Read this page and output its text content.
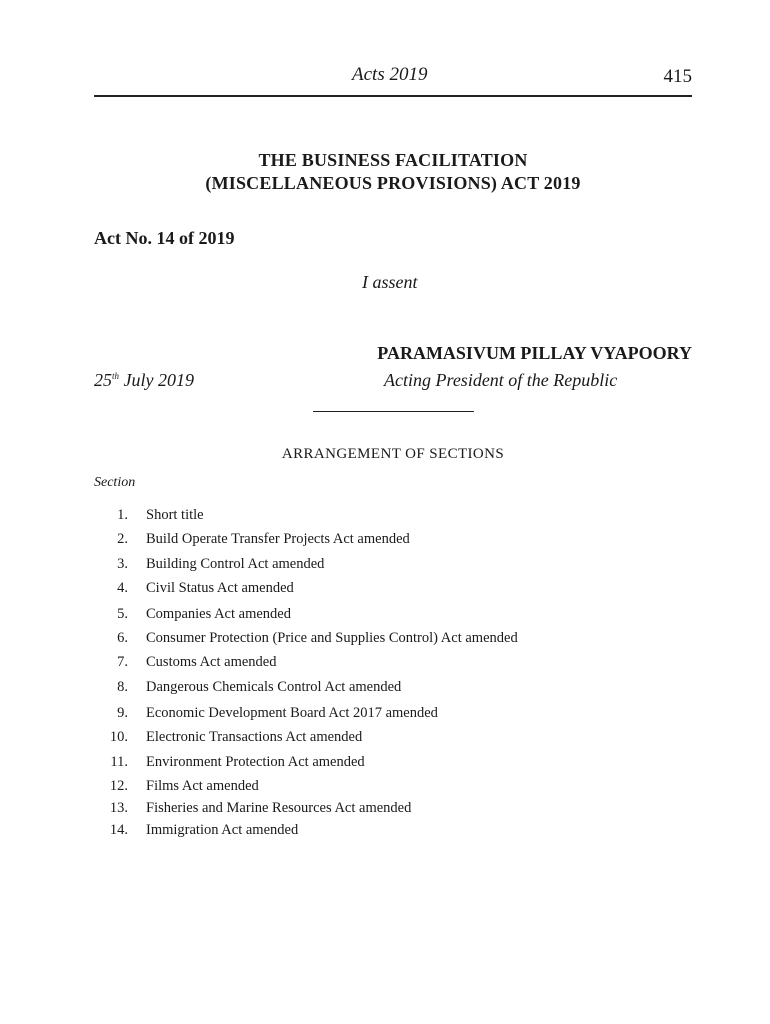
Acts 2019	415
THE BUSINESS FACILITATION
(MISCELLANEOUS PROVISIONS) ACT 2019
Act No. 14 of 2019
I assent
PARAMASIVUM PILLAY VYAPOORY
25th July 2019	Acting President of the Republic
ARRANGEMENT OF SECTIONS
Section
1. Short title
2. Build Operate Transfer Projects Act amended
3. Building Control Act amended
4. Civil Status Act amended
5. Companies Act amended
6. Consumer Protection (Price and Supplies Control) Act amended
7. Customs Act amended
8. Dangerous Chemicals Control Act amended
9. Economic Development Board Act 2017 amended
10. Electronic Transactions Act amended
11. Environment Protection Act amended
12. Films Act amended
13. Fisheries and Marine Resources Act amended
14. Immigration Act amended
